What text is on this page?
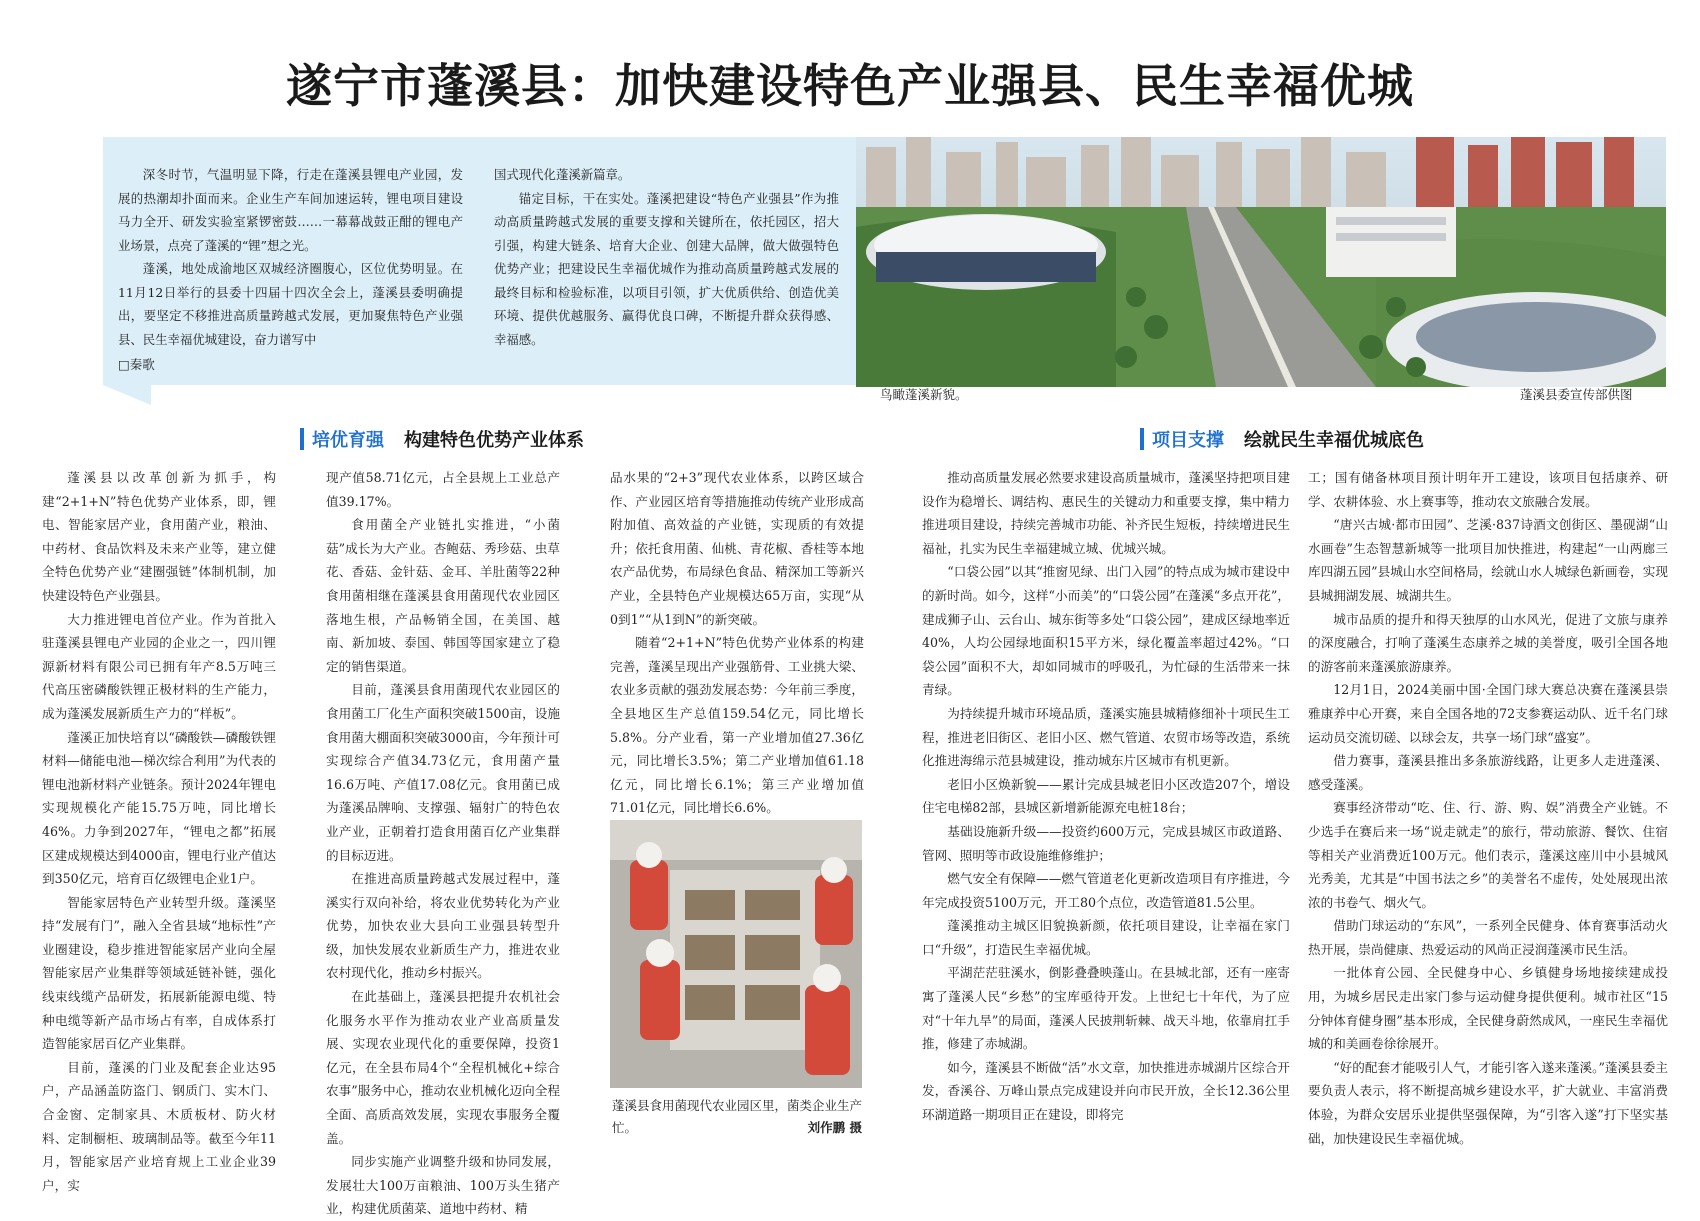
遂宁市蓬溪县：加快建设特色产业强县、民生幸福优城

深冬时节，气温明显下降，行走在蓬溪县锂电产业园，发展的热潮却扑面而来。企业生产车间加速运转，锂电项目建设马力全开、研发实验室紧锣密鼓……一幕幕战鼓正酣的锂电产业场景，点亮了蓬溪的“锂”想之光。

蓬溪，地处成渝地区双城经济圈腹心，区位优势明显。在11月12日举行的县委十四届十四次全会上，蓬溪县委明确提出，要坚定不移推进高质量跨越式发展，更加聚焦特色产业强县、民生幸福优城建设，奋力谱写中

□秦歌

国式现代化蓬溪新篇章。

锚定目标，干在实处。蓬溪把建设“特色产业强县”作为推动高质量跨越式发展的重要支撑和关键所在，依托园区，招大引强，构建大链条、培育大企业、创建大品牌，做大做强特色优势产业；把建设民生幸福优城作为推动高质量跨越式发展的最终目标和检验标准，以项目引领，扩大优质供给、创造优美环境、提供优越服务、赢得优良口碑，不断提升群众获得感、幸福感。

鸟瞰蓬溪新貌。	蓬溪县委宣传部供图
培优育强 构建特色优势产业体系	项目支撑 绘就民生幸福优城底色

蓬溪县以改革创新为抓手，构建“2+1+N”特色优势产业体系，即，锂电、智能家居产业，食用菌产业，粮油、中药材、食品饮料及未来产业等，建立健全特色优势产业“建圈强链”体制机制，加快建设特色产业强县。

大力推进锂电首位产业。作为首批入驻蓬溪县锂电产业园的企业之一，四川锂源新材料有限公司已拥有年产8.5万吨三代高压密磷酸铁锂正极材料的生产能力，成为蓬溪发展新质生产力的“样板”。

蓬溪正加快培育以“磷酸铁—磷酸铁锂材料—储能电池—梯次综合利用”为代表的锂电池新材料产业链条。预计2024年锂电实现规模化产能15.75万吨，同比增长46%。力争到2027年，“锂电之都”拓展区建成规模达到4000亩，锂电行业产值达到350亿元，培育百亿级锂电企业1户。

智能家居特色产业转型升级。蓬溪坚持“发展有门”，融入全省县域“地标性”产业圈建设，稳步推进智能家居产业向全屋智能家居产业集群等领域延链补链，强化线束线缆产品研发，拓展新能源电缆、特种电缆等新产品市场占有率，自成体系打造智能家居百亿产业集群。

目前，蓬溪的门业及配套企业达95户，产品涵盖防盗门、钢质门、实木门、合金窗、定制家具、木质板材、防火材料、定制橱柜、玻璃制品等。截至今年11月，智能家居产业培育规上工业企业39户，实

现产值58.71亿元，占全县规上工业总产值39.17%。

食用菌全产业链扎实推进，“小菌菇”成长为大产业。杏鲍菇、秀珍菇、虫草花、香菇、金针菇、金耳、羊肚菌等22种食用菌相继在蓬溪县食用菌现代农业园区落地生根，产品畅销全国，在美国、越南、新加坡、泰国、韩国等国家建立了稳定的销售渠道。

目前，蓬溪县食用菌现代农业园区的食用菌工厂化生产面积突破1500亩，设施食用菌大棚面积突破3000亩，今年预计可实现综合产值34.73亿元，食用菌产量16.6万吨、产值17.08亿元。食用菌已成为蓬溪品牌响、支撑强、辐射广的特色农业产业，正朝着打造食用菌百亿产业集群的目标迈进。

在推进高质量跨越式发展过程中，蓬溪实行双向补给，将农业优势转化为产业优势，加快农业大县向工业强县转型升级，加快发展农业新质生产力，推进农业农村现代化，推动乡村振兴。

在此基础上，蓬溪县把提升农机社会化服务水平作为推动农业产业高质量发展、实现农业现代化的重要保障，投资1亿元，在全县布局4个“全程机械化+综合农事”服务中心，推动农业机械化迈向全程全面、高质高效发展，实现农事服务全覆盖。

同步实施产业调整升级和协同发展，发展壮大100万亩粮油、100万头生猪产业，构建优质菌菜、道地中药材、精

品水果的“2+3”现代农业体系，以跨区域合作、产业园区培育等措施推动传统产业形成高附加值、高效益的产业链，实现质的有效提升；依托食用菌、仙桃、青花椒、香桂等本地农产品优势，布局绿色食品、精深加工等新兴产业，全县特色产业规模达65万亩，实现“从0到1”“从1到N”的新突破。

随着“2+1+N”特色优势产业体系的构建完善，蓬溪呈现出产业强筋骨、工业挑大梁、农业多贡献的强劲发展态势：今年前三季度，全县地区生产总值159.54亿元，同比增长5.8%。分产业看，第一产业增加值27.36亿元，同比增长3.5%；第二产业增加值61.18亿元，同比增长6.1%；第三产业增加值71.01亿元，同比增长6.6%。

蓬溪县食用菌现代农业园区里，菌类企业生产忙。	刘作鹏 摄

推动高质量发展必然要求建设高质量城市，蓬溪坚持把项目建设作为稳增长、调结构、惠民生的关键动力和重要支撑，集中精力推进项目建设，持续完善城市功能、补齐民生短板，持续增进民生福祉，扎实为民生幸福建城立城、优城兴城。

“口袋公园”以其“推窗见绿、出门入园”的特点成为城市建设中的新时尚。如今，这样“小而美”的“口袋公园”在蓬溪“多点开花”，建成狮子山、云台山、城东街等多处“口袋公园”，建成区绿地率近40%，人均公园绿地面积15平方米，绿化覆盖率超过42%。“口袋公园”面积不大，却如同城市的呼吸孔，为忙碌的生活带来一抹青绿。

为持续提升城市环境品质，蓬溪实施县城精修细补十项民生工程，推进老旧街区、老旧小区、燃气管道、农贸市场等改造，系统化推进海绵示范县城建设，推动城东片区城市有机更新。

老旧小区焕新貌——累计完成县城老旧小区改造207个，增设住宅电梯82部，县城区新增新能源充电桩18台；

基础设施新升级——投资约600万元，完成县城区市政道路、管网、照明等市政设施维修维护；

燃气安全有保障——燃气管道老化更新改造项目有序推进，今年完成投资5100万元，开工80个点位，改造管道81.5公里。

蓬溪推动主城区旧貌换新颜，依托项目建设，让幸福在家门口“升级”，打造民生幸福优城。

平湖茫茫驻溪水，倒影叠叠映蓬山。在县城北部，还有一座寄寓了蓬溪人民“乡愁”的宝库亟待开发。上世纪七十年代，为了应对“十年九旱”的局面，蓬溪人民披荆斩棘、战天斗地，依靠肩扛手推，修建了赤城湖。

如今，蓬溪县不断做“活”水文章，加快推进赤城湖片区综合开发，香溪谷、万峰山景点完成建设并向市民开放，全长12.36公里环湖道路一期项目正在建设，即将完

工；国有储备林项目预计明年开工建设，该项目包括康养、研学、农耕体验、水上赛事等，推动农文旅融合发展。

“唐兴古城·都市田园”、芝溪·837诗酒文创街区、墨砚湖“山水画卷”生态智慧新城等一批项目加快推进，构建起“一山两廊三库四湖五园”县城山水空间格局，绘就山水人城绿色新画卷，实现县城拥湖发展、城湖共生。

城市品质的提升和得天独厚的山水风光，促进了文旅与康养的深度融合，打响了蓬溪生态康养之城的美誉度，吸引全国各地的游客前来蓬溪旅游康养。

12月1日，2024美丽中国·全国门球大赛总决赛在蓬溪县崇雅康养中心开赛，来自全国各地的72支参赛运动队、近千名门球运动员交流切磋、以球会友，共享一场门球“盛宴”。

借力赛事，蓬溪县推出多条旅游线路，让更多人走进蓬溪、感受蓬溪。

赛事经济带动“吃、住、行、游、购、娱”消费全产业链。不少选手在赛后来一场“说走就走”的旅行，带动旅游、餐饮、住宿等相关产业消费近100万元。他们表示，蓬溪这座川中小县城风光秀美，尤其是“中国书法之乡”的美誉名不虚传，处处展现出浓浓的书卷气、烟火气。

借助门球运动的“东风”，一系列全民健身、体育赛事活动火热开展，崇尚健康、热爱运动的风尚正浸润蓬溪市民生活。

一批体育公园、全民健身中心、乡镇健身场地接续建成投用，为城乡居民走出家门参与运动健身提供便利。城市社区“15分钟体育健身圈”基本形成，全民健身蔚然成风，一座民生幸福优城的和美画卷徐徐展开。

“好的配套才能吸引人气，才能引客入遂来蓬溪。”蓬溪县委主要负责人表示，将不断提高城乡建设水平，扩大就业、丰富消费体验，为群众安居乐业提供坚强保障，为“引客入遂”打下坚实基础，加快建设民生幸福优城。
